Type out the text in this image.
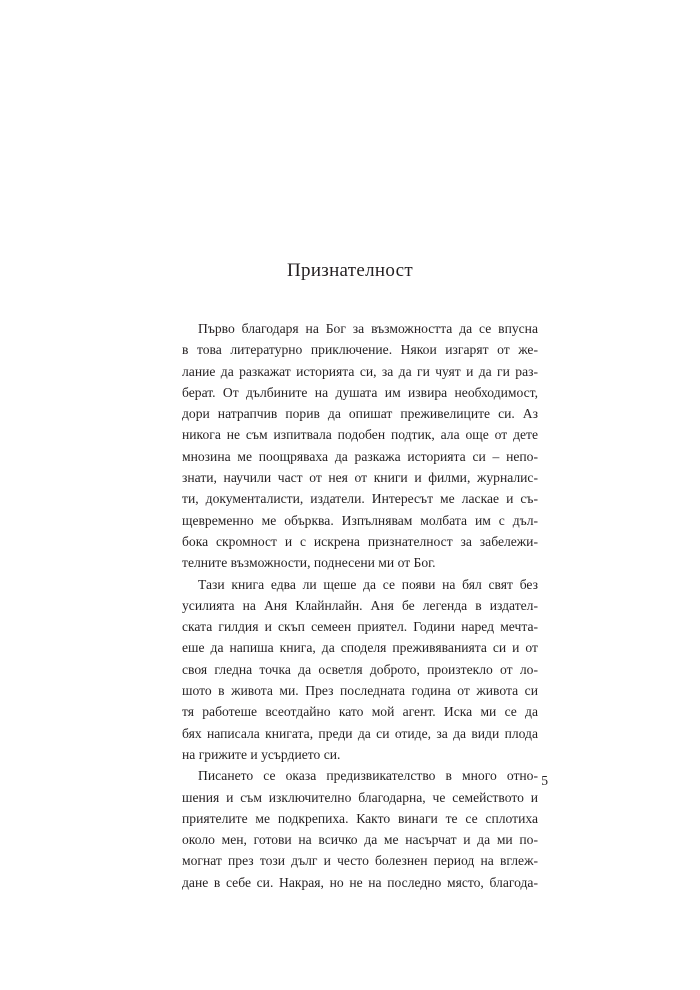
Признателност
Първо благодаря на Бог за възможността да се впусна
в това литературно приключение. Някои изгарят от же-
лание да разкажат историята си, за да ги чуят и да ги раз-
берат. От дълбините на душата им извира необходимост,
дори натрапчив порив да опишат преживелиците си. Аз
никога не съм изпитвала подобен подтик, ала още от дете
мнозина ме поощряваха да разкажа историята си – непо-
знати, научили част от нея от книги и филми, журналис-
ти, документалисти, издатели. Интересът ме ласкае и съ-
щевременно ме обърква. Изпълнявам молбата им с дъл-
бока скромност и с искрена признателност за забележи-
телните възможности, поднесени ми от Бог.
Тази книга едва ли щеше да се появи на бял свят без
усилията на Аня Клайнлайн. Аня бе легенда в издател-
ската гилдия и скъп семеен приятел. Години наред мечта-
еше да напиша книга, да споделя преживяванията си и от
своя гледна точка да осветля доброто, произтекло от ло-
шото в живота ми. През последната година от живота си
тя работеше всеотдайно като мой агент. Иска ми се да
бях написала книгата, преди да си отиде, за да види плода
на грижите и усърдието си.
Писането се оказа предизвикателство в много отно-
шения и съм изключително благодарна, че семейството и
приятелите ме подкрепиха. Както винаги те се сплотиха
около мен, готови на всичко да ме насърчат и да ми по-
могнат през този дълг и често болезнен период на вглеж-
дане в себе си. Накрая, но не на последно място, благода-
5
